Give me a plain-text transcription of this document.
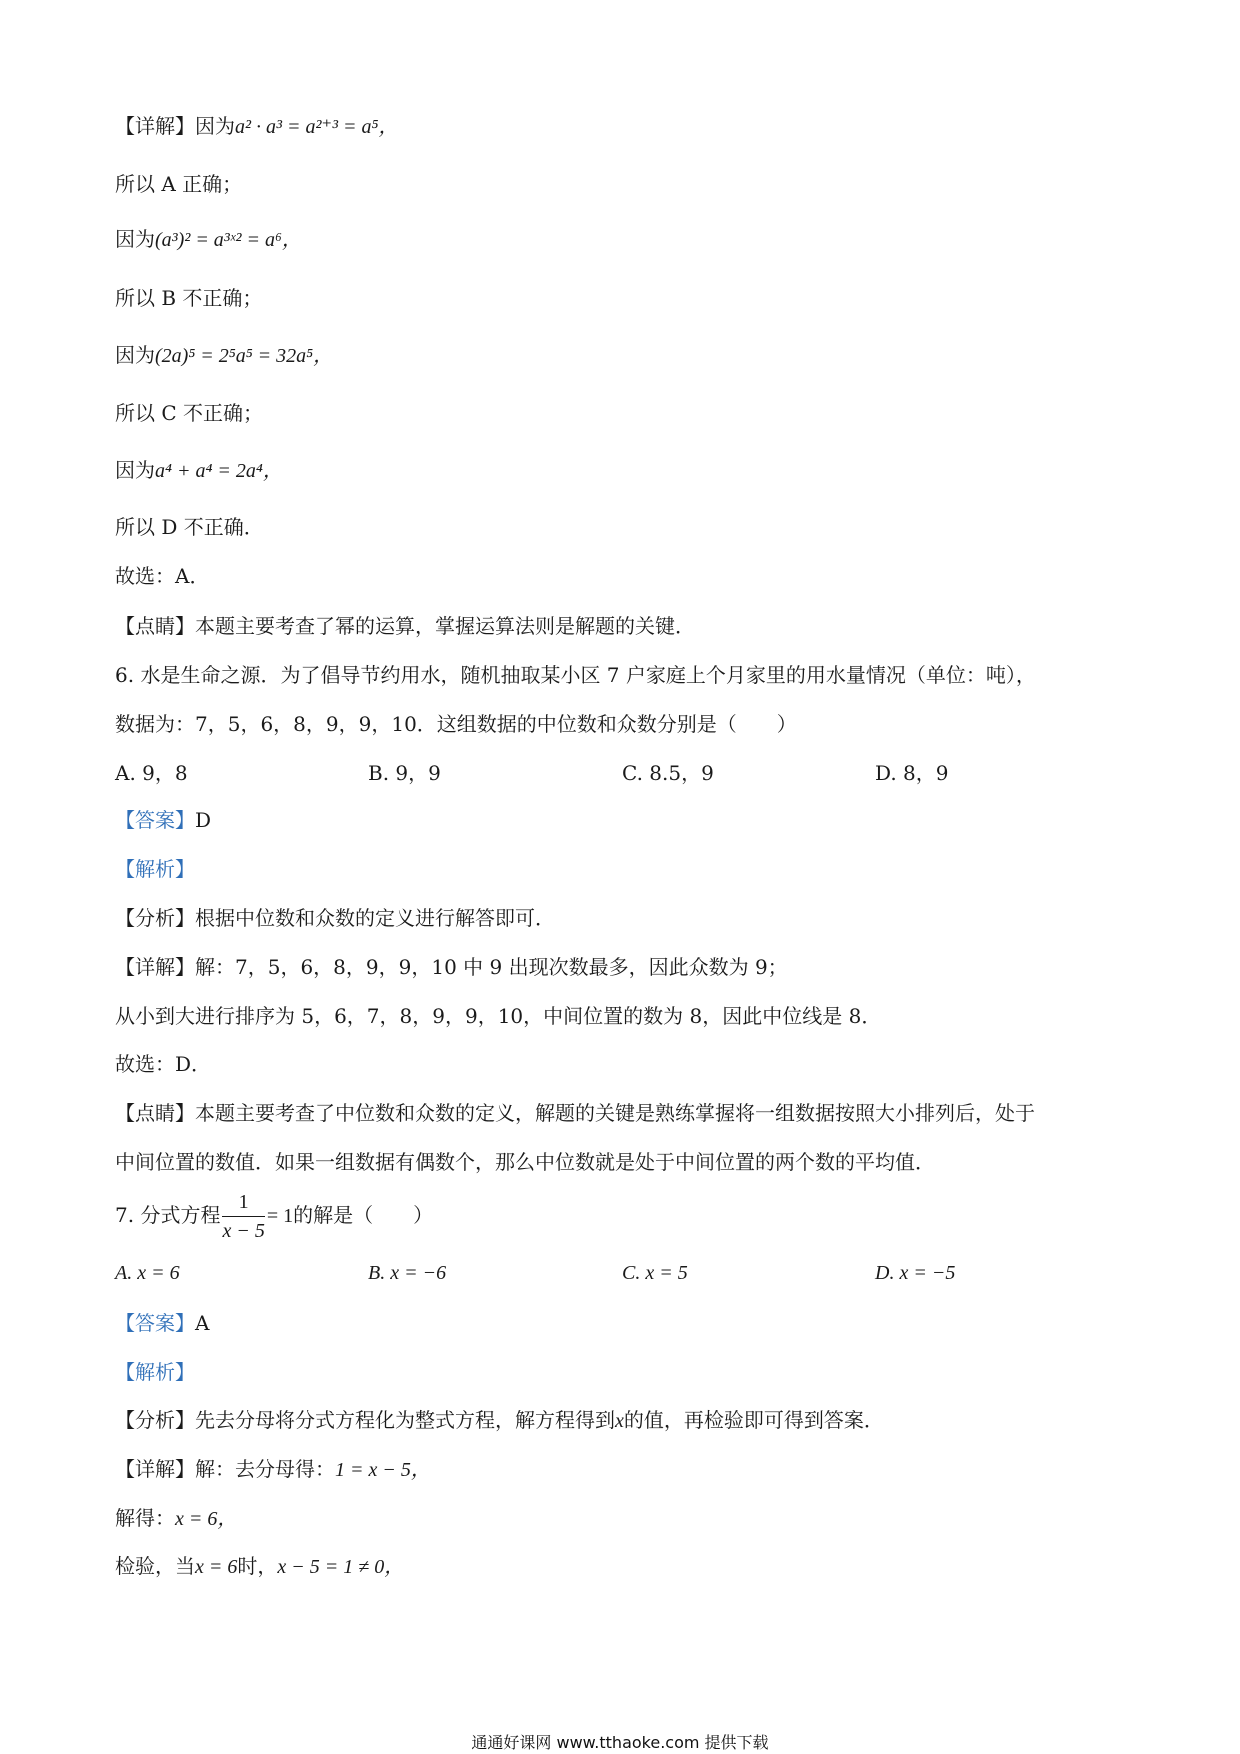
【详解】因为a² · a³ = a²⁺³ = a⁵，
所以 A 正确；
因为(a³)² = a³ˣ² = a⁶，
所以 B 不正确；
因为(2a)⁵ = 2⁵a⁵ = 32a⁵，
所以 C 不正确；
因为a⁴ + a⁴ = 2a⁴，
所以 D 不正确．
故选：A．
【点睛】本题主要考查了幂的运算，掌握运算法则是解题的关键．
6. 水是生命之源．为了倡导节约用水，随机抽取某小区 7 户家庭上个月家里的用水量情况（单位：吨），
数据为：7，5，6，8，9，9，10．这组数据的中位数和众数分别是（　　）
A. 9，8	B. 9，9	C. 8.5，9	D. 8，9
【答案】D
【解析】
【分析】根据中位数和众数的定义进行解答即可．
【详解】解：7，5，6，8，9，9，10 中 9 出现次数最多，因此众数为 9；
从小到大进行排序为 5，6，7，8，9，9，10，中间位置的数为 8，因此中位线是 8．
故选：D．
【点睛】本题主要考查了中位数和众数的定义，解题的关键是熟练掌握将一组数据按照大小排列后，处于
中间位置的数值．如果一组数据有偶数个，那么中位数就是处于中间位置的两个数的平均值．
7. 分式方程 $\frac{1}{x - 5} = 1$的解是（　　）
A. x = 6	B. x = −6	C. x = 5	D. x = −5
【答案】A
【解析】
【分析】先去分母将分式方程化为整式方程，解方程得到x的值，再检验即可得到答案．
【详解】解：去分母得：1 = x − 5，
解得：x = 6，
检验，当x = 6时，x − 5 = 1 ≠ 0，
通通好课网 www.tthaoke.com 提供下载
